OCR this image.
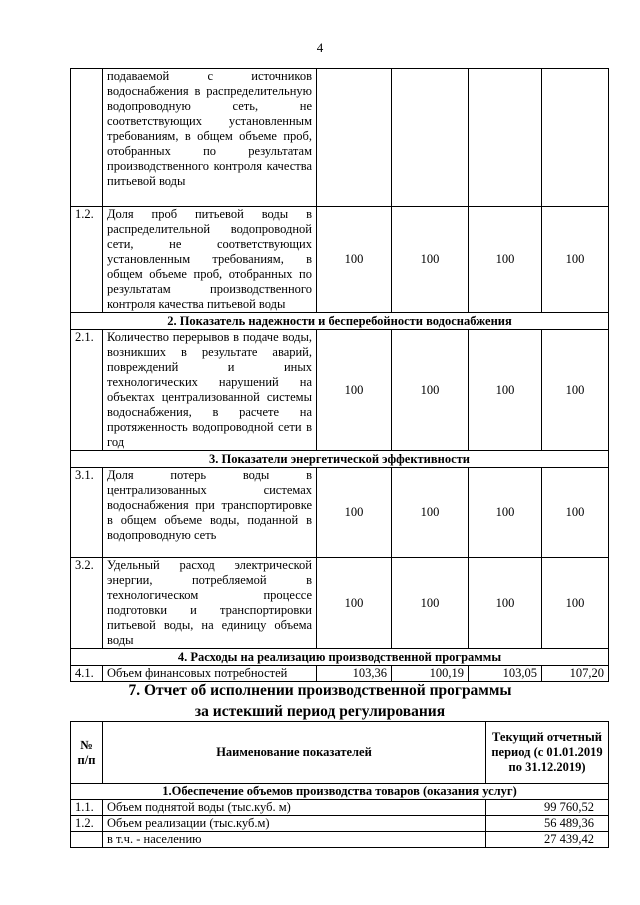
4
	подаваемой с источников водоснабжения в распределительную водопроводную сеть, не соответствующих установленным требованиям, в общем объеме проб, отобранных по результатам производственного контроля качества питьевой воды				
1.2.	Доля проб питьевой воды в распределительной водопроводной сети, не соответствующих установленным требованиям, в общем объеме проб, отобранных по результатам производственного контроля качества питьевой воды	100	100	100	100
2. Показатель надежности и бесперебойности водоснабжения					
2.1.	Количество перерывов в подаче воды, возникших в результате аварий, повреждений и иных технологических нарушений на объектах централизованной системы водоснабжения, в расчете на протяженность водопроводной сети в год	100	100	100	100
3. Показатели энергетической эффективности					
3.1.	Доля потерь воды в централизованных системах водоснабжения при транспортировке в общем объеме воды, поданной в водопроводную сеть	100	100	100	100
3.2.	Удельный расход электрической энергии, потребляемой в технологическом процессе подготовки и транспортировки питьевой воды, на единицу объема воды	100	100	100	100
4. Расходы на реализацию производственной программы					
4.1.	Объем финансовых потребностей	103,36	100,19	103,05	107,20
7. Отчет об исполнении производственной программы
за истекший период регулирования
№ п/п	Наименование показателей	Текущий отчетный период (с 01.01.2019 по 31.12.2019)
1.Обеспечение объемов производства товаров (оказания услуг)		
1.1.	Объем поднятой воды (тыс.куб. м)	99 760,52
1.2.	Объем реализации (тыс.куб.м)	56 489,36
	в т.ч. - населению	27 439,42
